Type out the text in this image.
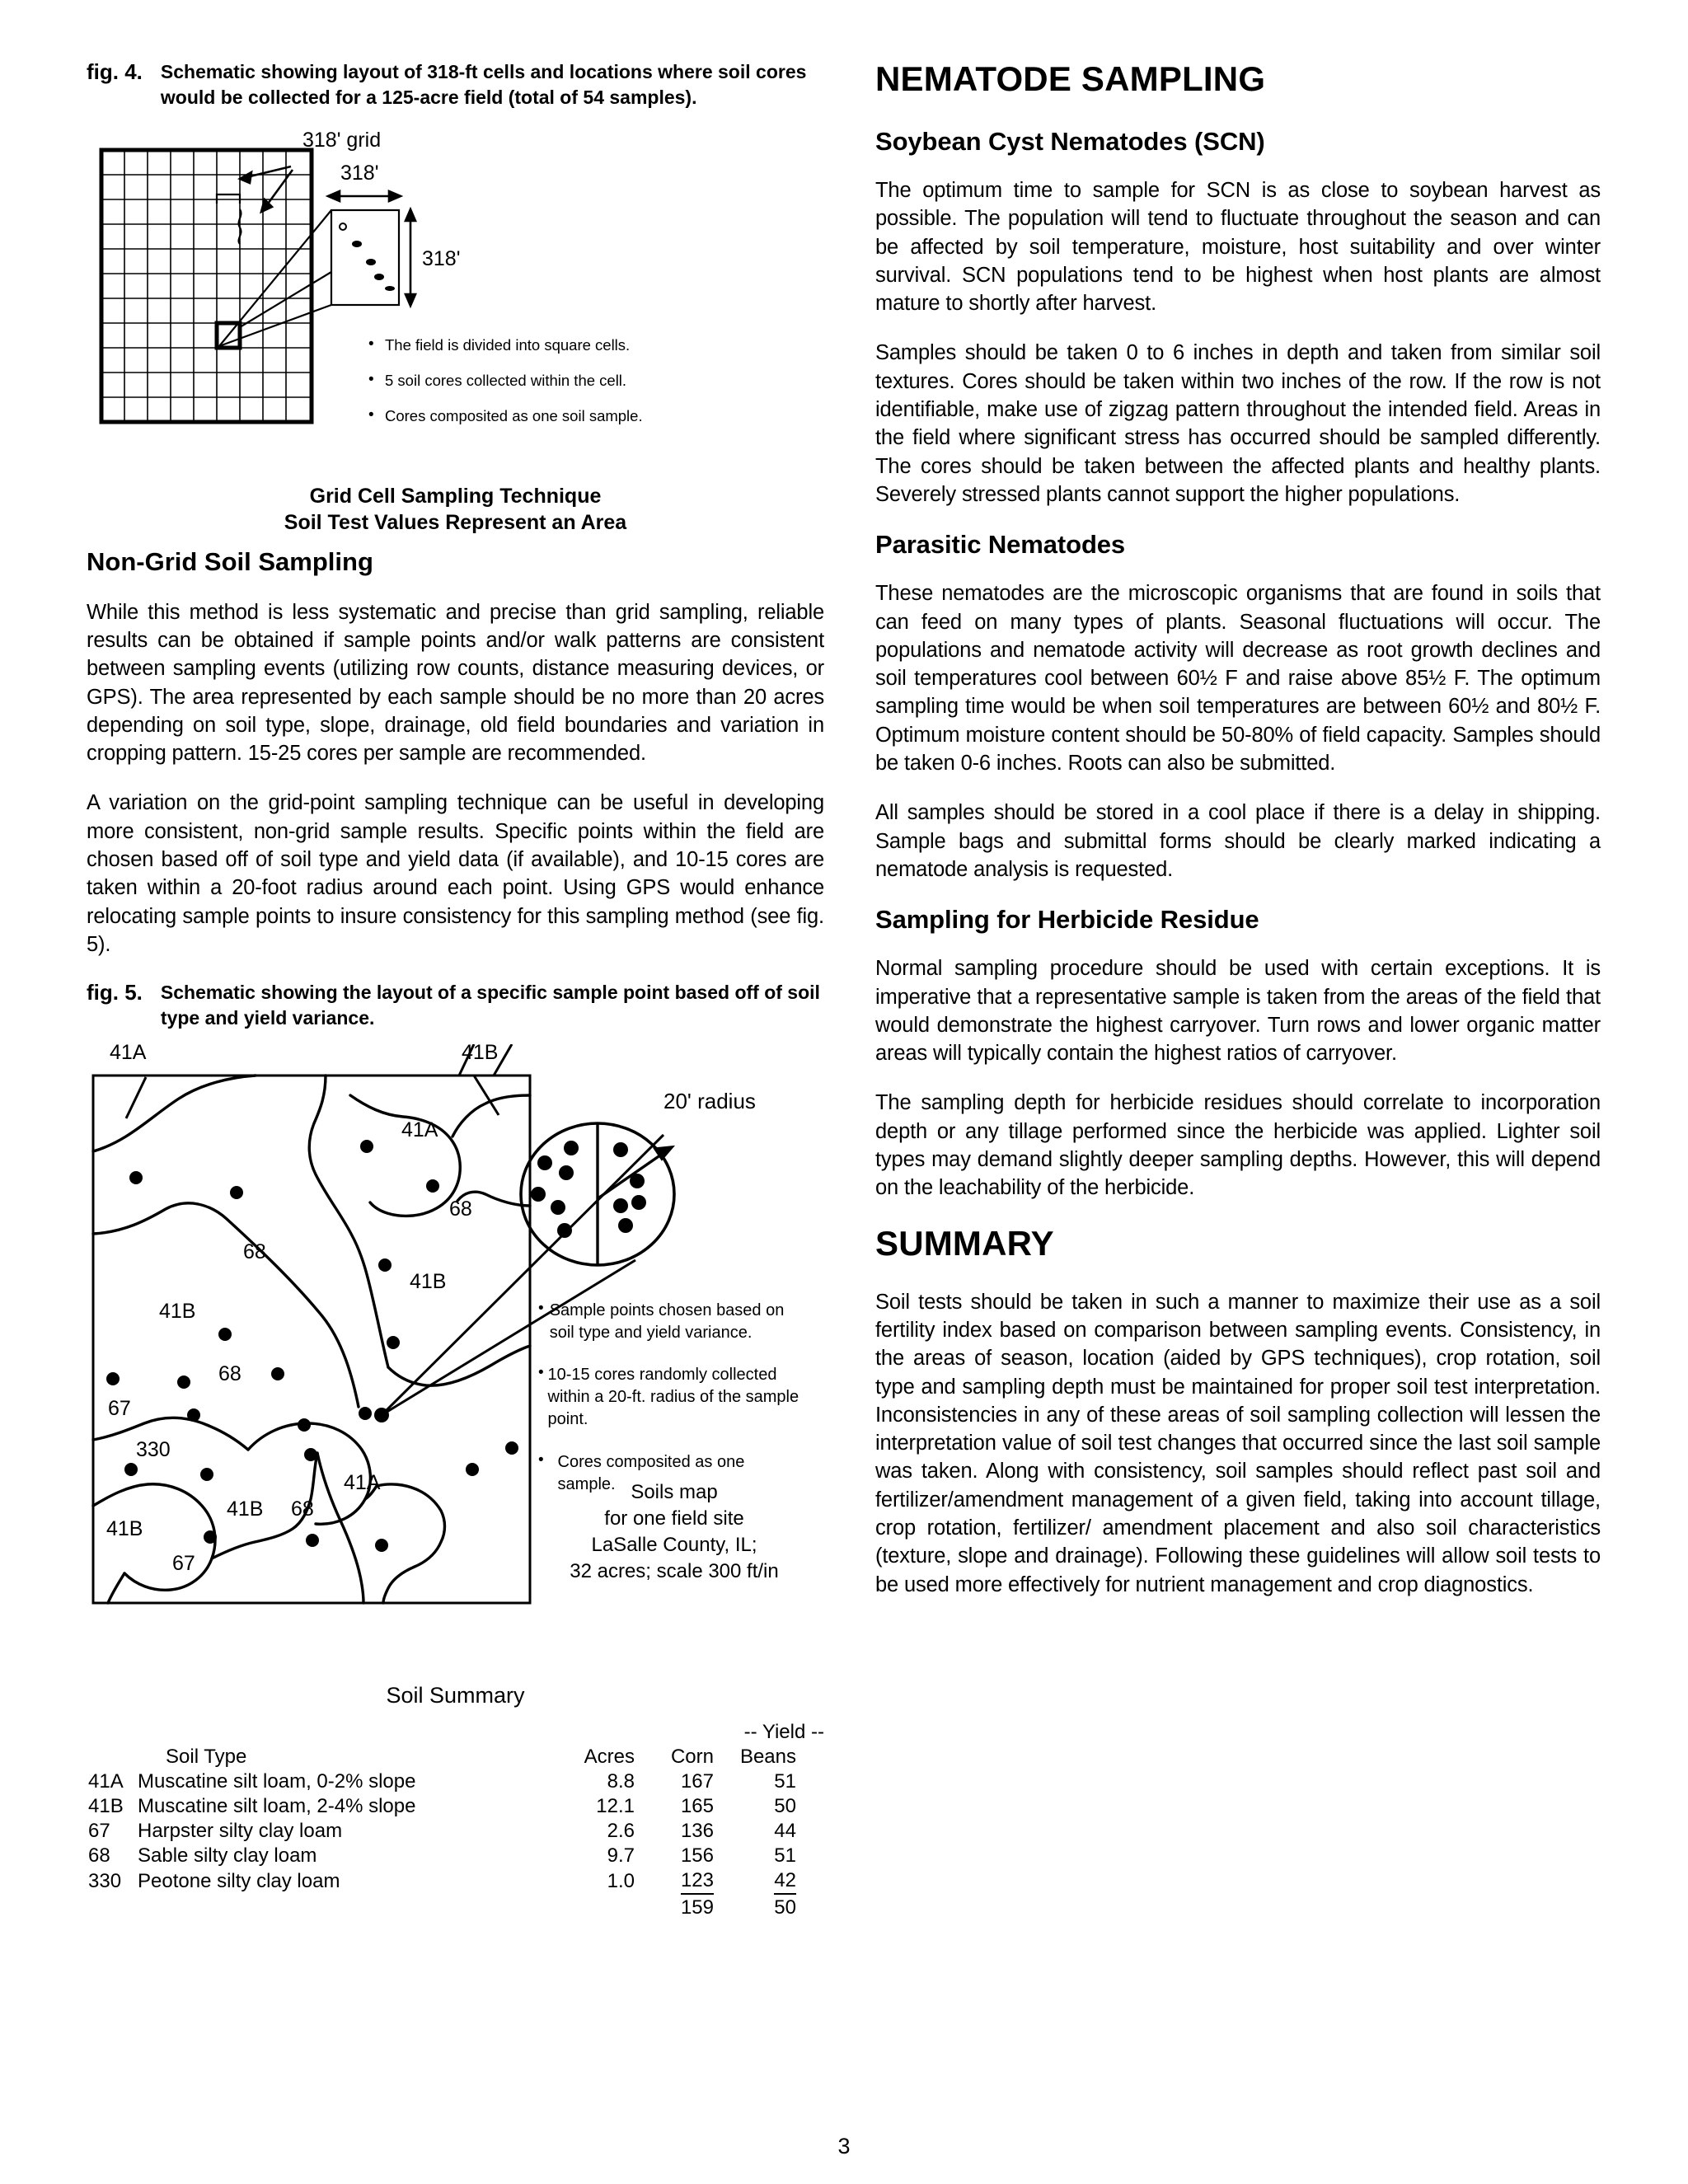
fig. 4. Schematic showing layout of 318-ft cells and locations where soil cores would be collected for a 125-acre field (total of 54 samples).
318' grid
318'
318'
• The field is divided into square cells.
• 5 soil cores collected within the cell.
• Cores composited as one soil sample.
Grid Cell Sampling Technique
Soil Test Values Represent an Area
Non-Grid Soil Sampling

While this method is less systematic and precise than grid sampling, reliable results can be obtained if sample points and/or walk patterns are consistent between sampling events (utilizing row counts, distance measuring devices, or GPS). The area represented by each sample should be no more than 20 acres depending on soil type, slope, drainage, old field boundaries and variation in cropping pattern. 15-25 cores per sample are recommended.

A variation on the grid-point sampling technique can be useful in developing more consistent, non-grid sample results. Specific points within the field are chosen based off of soil type and yield data (if available), and 10-15 cores are taken within a 20-foot radius around each point. Using GPS would enhance relocating sample points to insure consistency for this sampling method (see fig. 5).

fig. 5. Schematic showing the layout of a specific sample point based off of soil type and yield variance.
20' radius
41A	41B
41A
68
68
41B
41B
68
67
330
41A
41B
41B 68
67
• Sample points chosen based on soil type and yield variance.
• 10-15 cores randomly collected within a 20-ft. radius of the sample point.
• Cores composited as one sample. Soils map
for one field site
LaSalle County, IL;
32 acres; scale 300 ft/in
Soil Summary
			-- Yield --	
	Soil Type	Acres	Corn	Beans
41A	Muscatine silt loam, 0-2% slope	8.8	167	51
41B	Muscatine silt loam, 2-4% slope	12.1	165	50
67	Harpster silty clay loam	2.6	136	44
68	Sable silty clay loam	9.7	156	51
330	Peotone silty clay loam	1.0	123	42
			159	50
NEMATODE SAMPLING
Soybean Cyst Nematodes (SCN)

The optimum time to sample for SCN is as close to soybean harvest as possible. The population will tend to fluctuate throughout the season and can be affected by soil temperature, moisture, host suitability and over winter survival. SCN populations tend to be highest when host plants are almost mature to shortly after harvest.

Samples should be taken 0 to 6 inches in depth and taken from similar soil textures. Cores should be taken within two inches of the row. If the row is not identifiable, make use of zigzag pattern throughout the intended field. Areas in the field where significant stress has occurred should be sampled differently. The cores should be taken between the affected plants and healthy plants. Severely stressed plants cannot support the higher populations.

Parasitic Nematodes

These nematodes are the microscopic organisms that are found in soils that can feed on many types of plants. Seasonal fluctuations will occur. The populations and nematode activity will decrease as root growth declines and soil temperatures cool between 60½ F and raise above 85½ F. The optimum sampling time would be when soil temperatures are between 60½ and 80½ F. Optimum moisture content should be 50-80% of field capacity. Samples should be taken 0-6 inches. Roots can also be submitted.

All samples should be stored in a cool place if there is a delay in shipping. Sample bags and submittal forms should be clearly marked indicating a nematode analysis is requested.

Sampling for Herbicide Residue

Normal sampling procedure should be used with certain exceptions. It is imperative that a representative sample is taken from the areas of the field that would demonstrate the highest carryover. Turn rows and lower organic matter areas will typically contain the highest ratios of carryover.

The sampling depth for herbicide residues should correlate to incorporation depth or any tillage performed since the herbicide was applied. Lighter soil types may demand slightly deeper sampling depths. However, this will depend on the leachability of the herbicide.

SUMMARY

Soil tests should be taken in such a manner to maximize their use as a soil fertility index based on comparison between sampling events. Consistency, in the areas of season, location (aided by GPS techniques), crop rotation, soil type and sampling depth must be maintained for proper soil test interpretation. Inconsistencies in any of these areas of soil sampling collection will lessen the interpretation value of soil test changes that occurred since the last soil sample was taken. Along with consistency, soil samples should reflect past soil and fertilizer/amendment management of a given field, taking into account tillage, crop rotation, fertilizer/ amendment placement and also soil characteristics (texture, slope and drainage). Following these guidelines will allow soil tests to be used more effectively for nutrient management and crop diagnostics.

3
